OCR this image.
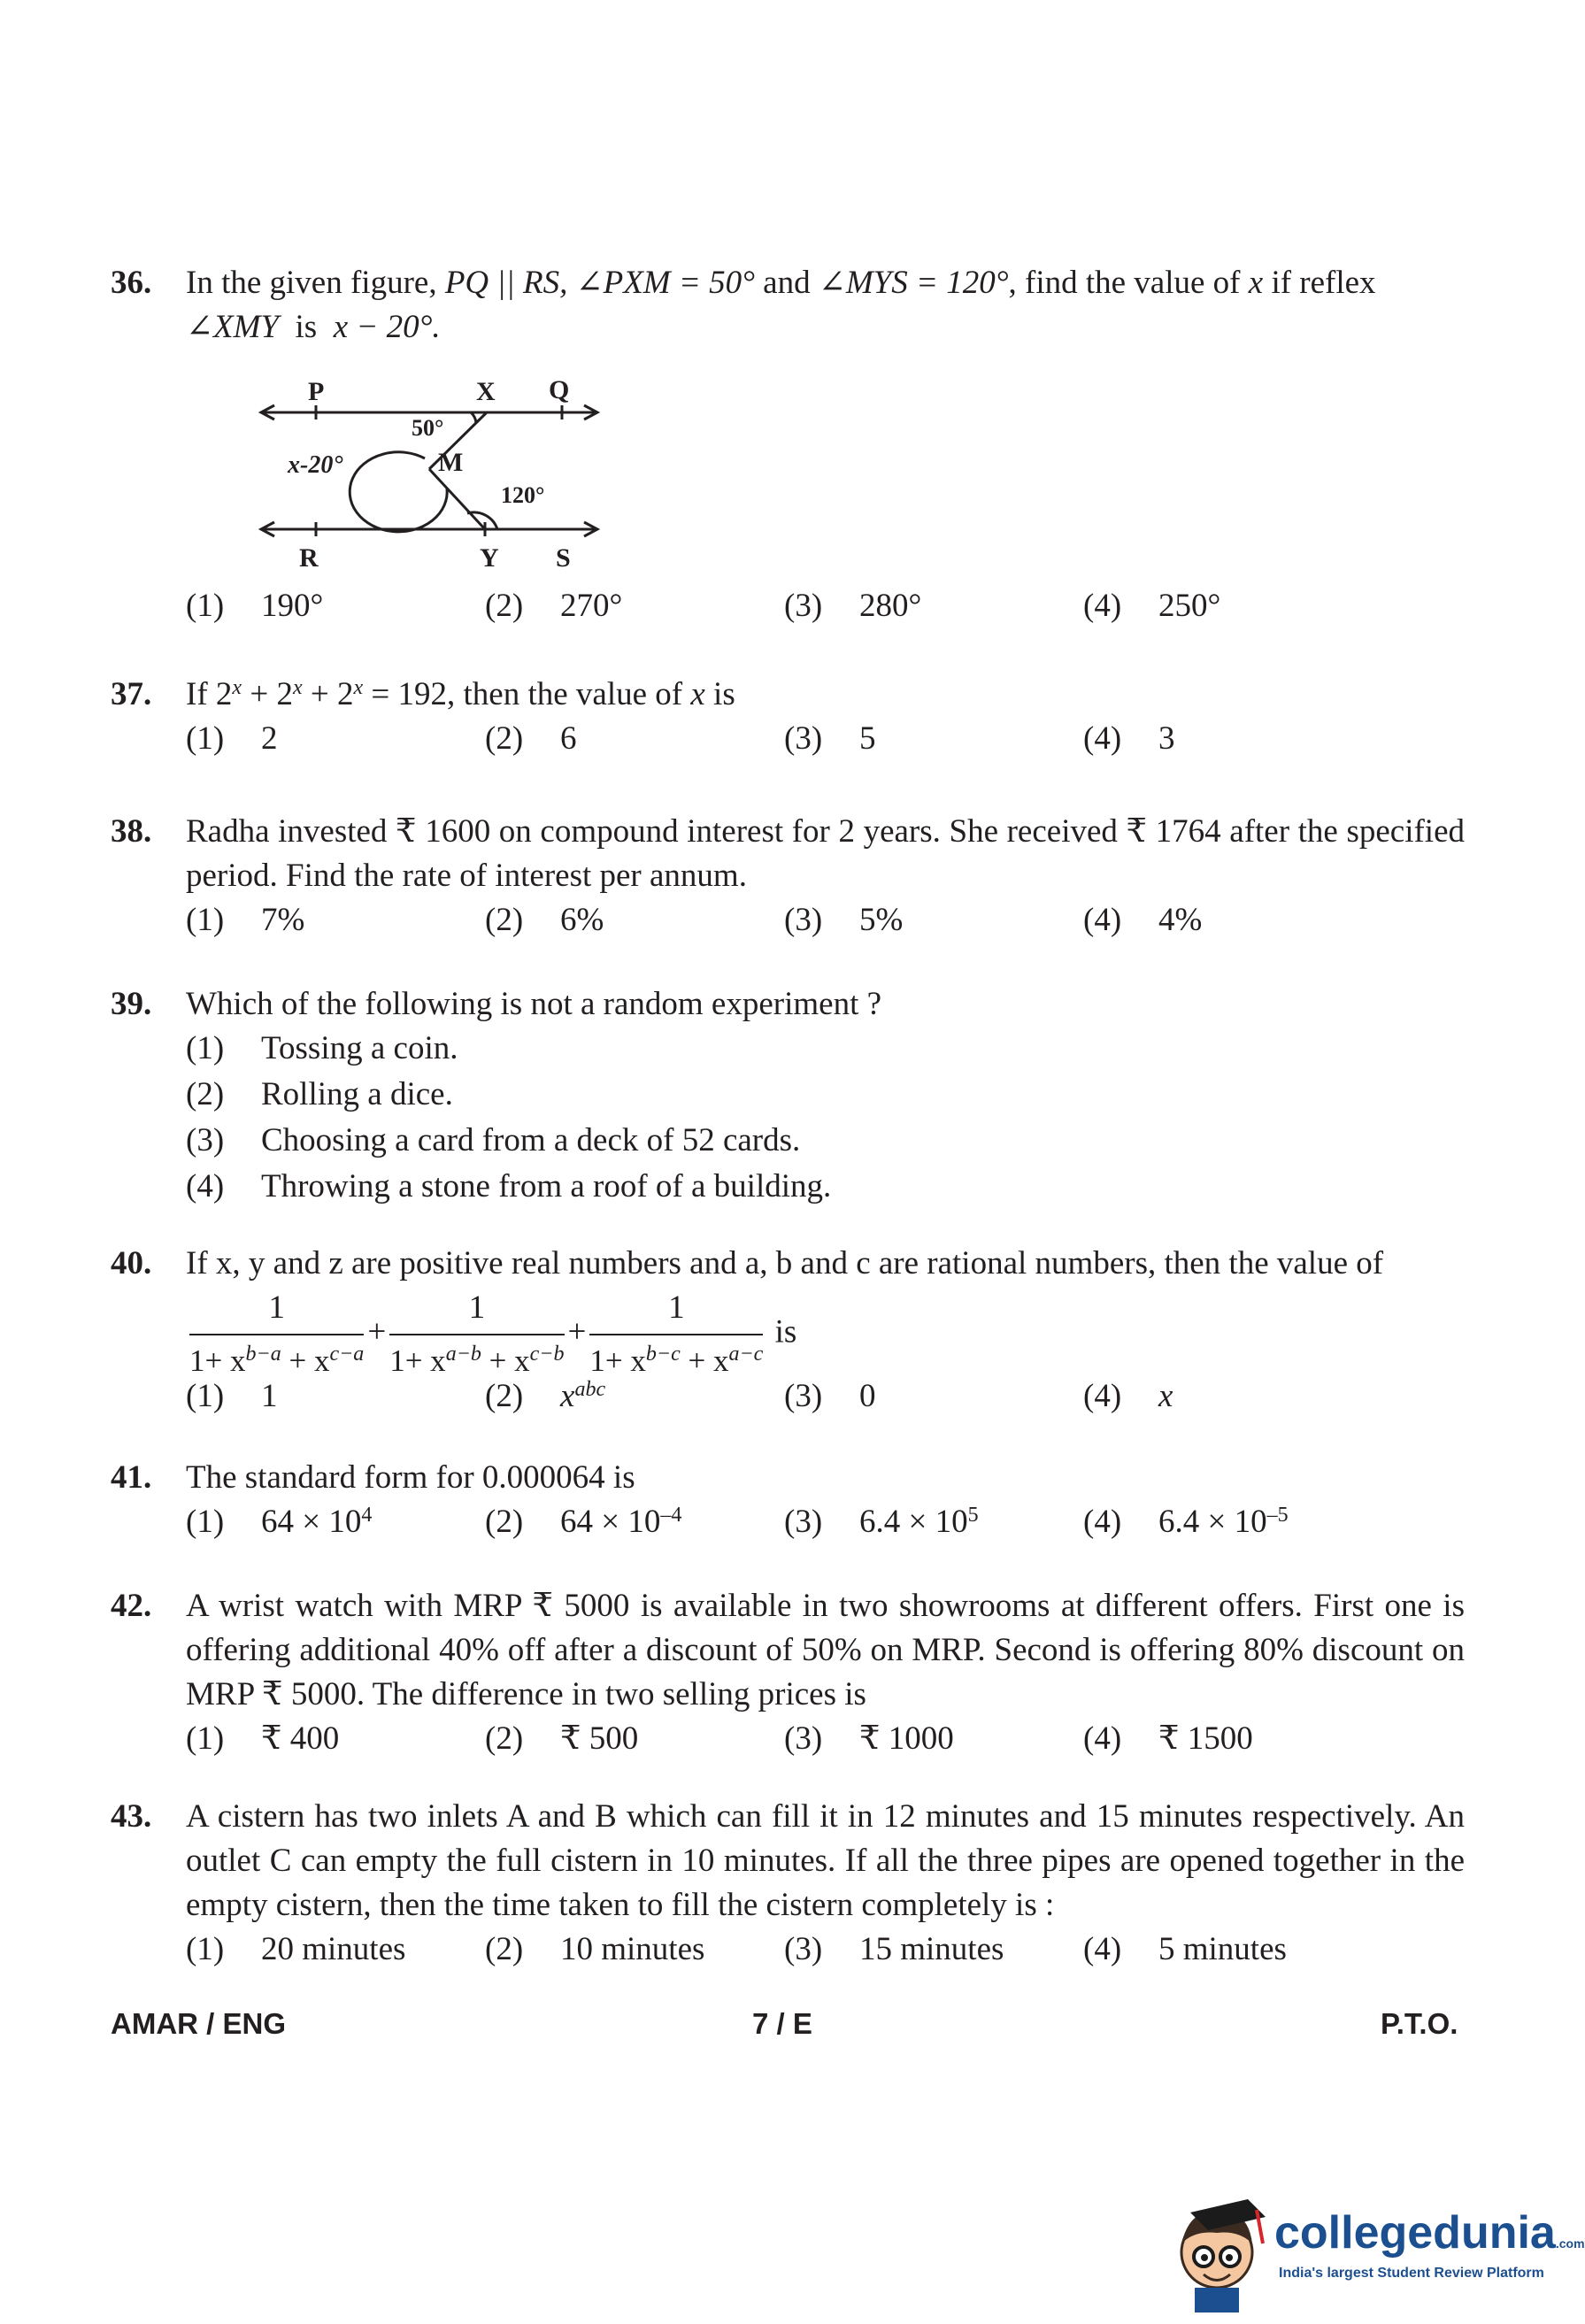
36. In the given figure, PQ || RS, ∠PXM = 50° and ∠MYS = 120°, find the value of x if reflex
∠XMY is x − 20°.
P	X Q
R	Y S
M
50°
120°
x-20°
(1) 190°	(2) 270°	(3) 280°	(4) 250°
37. If $2^x + 2^x + 2^x = 192$, then the value of x is
(1) 2	(2) 6	(3) 5	(4) 3
38. Radha invested ₹ 1600 on compound interest for 2 years. She received ₹ 1764 after the specified period. Find the rate of interest per annum.
(1) 7%	(2) 6%	(3) 5%	(4) 4%
39. Which of the following is not a random experiment ?
(1) Tossing a coin.
(2) Rolling a dice.
(3) Choosing a card from a deck of 52 cards.
(4) Throwing a stone from a roof of a building.
40. If x, y and z are positive real numbers and a, b and c are rational numbers, then the value of
$\frac{1}{1+ x^{b-a} + x^{c-a}} + \frac{1}{1+ x^{a-b} + x^{c-b}} + \frac{1}{1+ x^{b-c} + x^{a-c}}$ is
(1) 1	(2) $x^{abc}$	(3) 0	(4) x
41. The standard form for 0.000064 is
(1) $64 \times 10^4$	(2) $64 \times 10^{-4}$	(3) $6.4 \times 10^5$	(4) $6.4 \times 10^{-5}$
42. A wrist watch with MRP ₹ 5000 is available in two showrooms at different offers. First one is offering additional 40% off after a discount of 50% on MRP. Second is offering 80% discount on MRP ₹ 5000. The difference in two selling prices is
(1) ₹ 400	(2) ₹ 500	(3) ₹ 1000	(4) ₹ 1500
43. A cistern has two inlets A and B which can fill it in 12 minutes and 15 minutes respectively. An outlet C can empty the full cistern in 10 minutes. If all the three pipes are opened together in the empty cistern, then the time taken to fill the cistern completely is :
(1) 20 minutes (2) 10 minutes (3) 15 minutes (4) 5 minutes
AMAR / ENG	7 / E	P.T.O.
collegedunia.com
India's largest Student Review Platform
